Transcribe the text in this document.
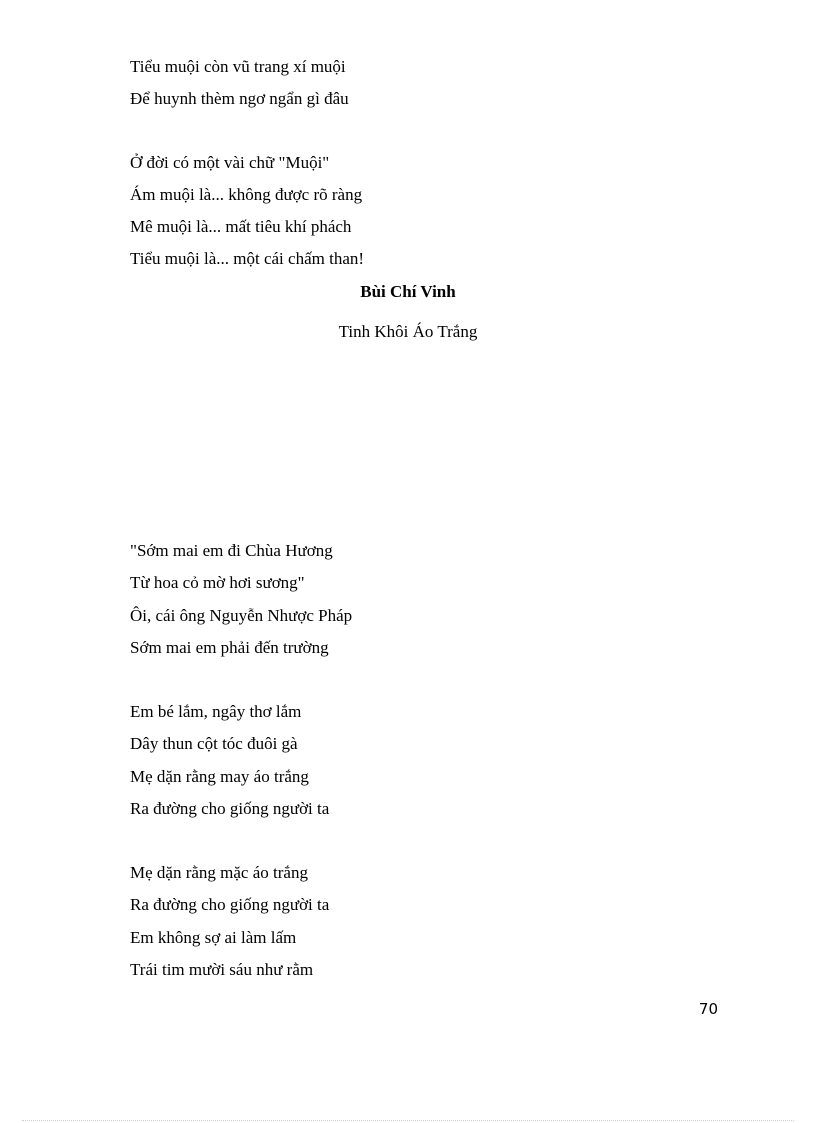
Tiểu muội còn vũ trang xí muội
Để huynh thèm ngơ ngẩn gì đâu
Ở đời có một vài chữ "Muội"
Ám muội là... không được rõ ràng
Mê muội là... mất tiêu khí phách
Tiểu muội là... một cái chấm than!
Bùi Chí Vinh
Tinh Khôi Áo Trắng
"Sớm mai em đi Chùa Hương
Từ hoa cỏ mờ hơi sương"
Ôi, cái ông Nguyễn Nhược Pháp
Sớm mai em phải đến trường
Em bé lắm, ngây thơ lắm
Dây thun cột tóc đuôi gà
Mẹ dặn rằng may áo trắng
Ra đường cho giống người ta
Mẹ dặn rằng mặc áo trắng
Ra đường cho giống người ta
Em không sợ ai làm lấm
Trái tim mười sáu như rằm
70
